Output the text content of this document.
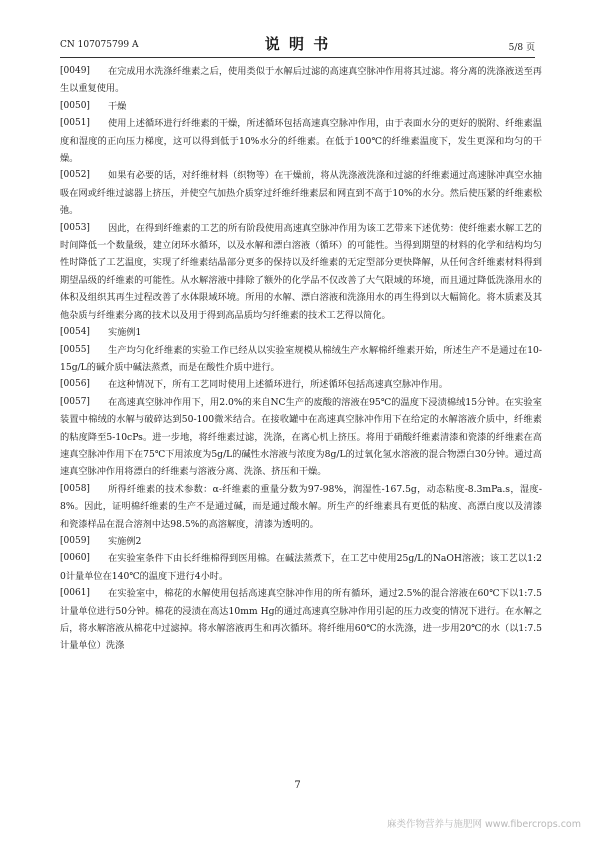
CN 107075799 A	说 明 书	5/8 页
[0049]	在完成用水洗涤纤维素之后，使用类似于水解后过滤的高速真空脉冲作用将其过滤。将分离的洗涤液送至再生以重复使用。
[0050]	干燥
[0051]	使用上述循环进行纤维素的干燥，所述循环包括高速真空脉冲作用，由于表面水分的更好的脱附、纤维素温度和湿度的正向压力梯度，这可以得到低于10%水分的纤维素。在低于100℃的纤维素温度下，发生更深和均匀的干燥。
[0052]	如果有必要的话，对纤维材料（织物等）在干燥前，将从洗涤液洗涤和过滤的纤维素通过高速脉冲真空水抽吸在网或纤维过滤器上挤压，并使空气加热介质穿过纤维纤维素层和网直到不高于10%的水分。然后使压紧的纤维素松弛。
[0053]	因此，在得到纤维素的工艺的所有阶段使用高速真空脉冲作用为该工艺带来下述优势：使纤维素水解工艺的时间降低一个数量级，建立闭环水循环，以及水解和漂白溶液（循环）的可能性。当得到期望的材料的化学和结构均匀性时降低了工艺温度，实现了纤维素结晶部分更多的保持以及纤维素的无定型部分更快降解，从任何含纤维素材料得到期望品级的纤维素的可能性。从水解溶液中排除了额外的化学品不仅改善了大气限域的环境，而且通过降低洗涤用水的体积及组织其再生过程改善了水体限域环境。所用的水解、漂白溶液和洗涤用水的再生得到以大幅简化。将木质素及其他杂质与纤维素分离的技术以及用于得到高品质均匀纤维素的技术工艺得以简化。
[0054]	实施例1
[0055]	生产均匀化纤维素的实验工作已经从以实验室规模从棉绒生产水解棉纤维素开始，所述生产不是通过在10-15g/L的碱介质中碱法蒸煮，而是在酸性介质中进行。
[0056]	在这种情况下，所有工艺同时使用上述循环进行，所述循环包括高速真空脉冲作用。
[0057]	在高速真空脉冲作用下，用2.0%的来自NC生产的废酸的溶液在95℃的温度下浸渍棉绒15分钟。在实验室装置中棉绒的水解与破碎达到50-100微米结合。在接收罐中在高速真空脉冲作用下在给定的水解溶液介质中，纤维素的粘度降至5-10cPs。进一步地，将纤维素过滤，洗涤，在离心机上挤压。将用于硝酸纤维素清漆和瓷漆的纤维素在高速真空脉冲作用下在75℃下用浓度为5g/L的碱性水溶液与浓度为8g/L的过氧化氢水溶液的混合物漂白30分钟。通过高速真空脉冲作用将漂白的纤维素与溶液分离、洗涤、挤压和干燥。
[0058]	所得纤维素的技术参数：α-纤维素的重量分数为97-98%，润湿性-167.5g，动态粘度-8.3mPa.s，湿度-8%。因此，证明棉纤维素的生产不是通过碱，而是通过酸水解。所生产的纤维素具有更低的粘度、高漂白度以及清漆和瓷漆样品在混合溶剂中达98.5%的高溶解度，清漆为透明的。
[0059]	实施例2
[0060]	在实验室条件下由长纤维棉得到医用棉。在碱法蒸煮下，在工艺中使用25g/L的NaOH溶液；该工艺以1:20计量单位在140℃的温度下进行4小时。
[0061]	在实验室中，棉花的水解使用包括高速真空脉冲作用的所有循环，通过2.5%的混合溶液在60℃下以1:7.5计量单位进行50分钟。棉花的浸渍在高达10mm Hg的通过高速真空脉冲作用引起的压力改变的情况下进行。在水解之后，将水解溶液从棉花中过滤掉。将水解溶液再生和再次循环。将纤维用60℃的水洗涤，进一步用20℃的水（以1:7.5计量单位）洗涤
7
麻类作物营养与施肥网 www.fibercrops.com
